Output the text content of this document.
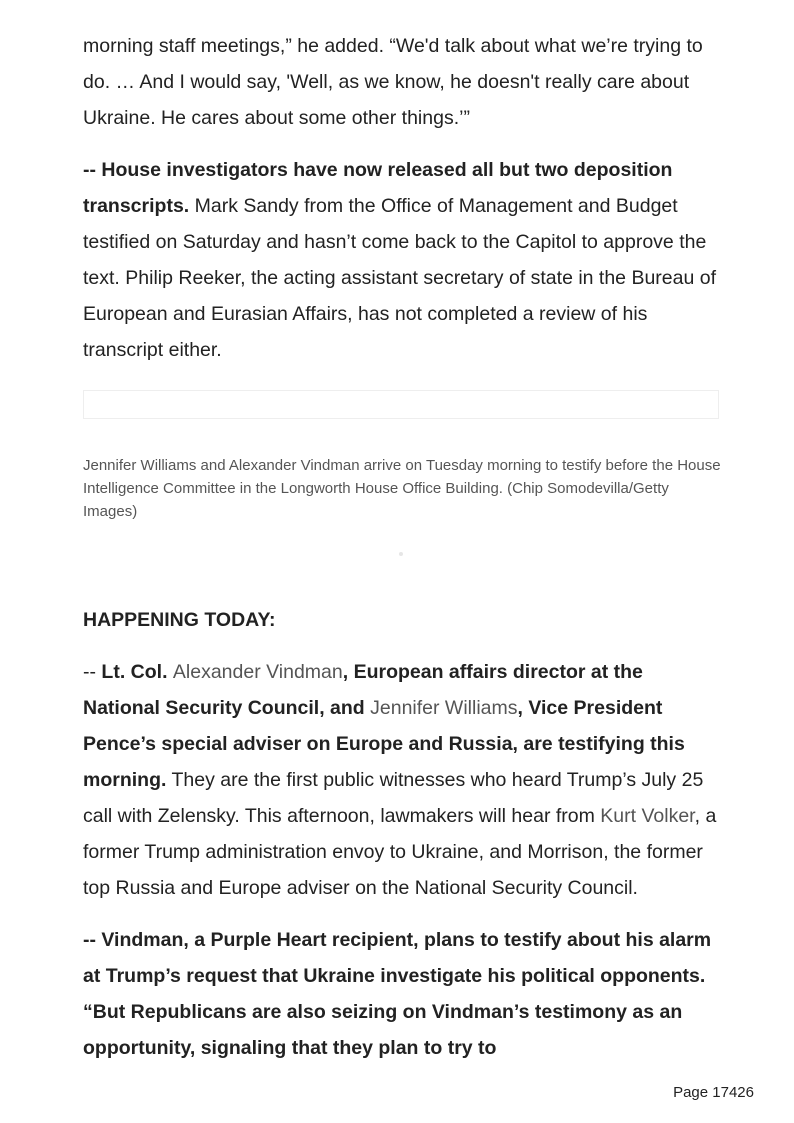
morning staff meetings,” he added. “We'd talk about what we’re trying to do. … And I would say, 'Well, as we know, he doesn't really care about Ukraine. He cares about some other things.’”

-- House investigators have now released all but two deposition transcripts. Mark Sandy from the Office of Management and Budget testified on Saturday and hasn’t come back to the Capitol to approve the text. Philip Reeker, the acting assistant secretary of state in the Bureau of European and Eurasian Affairs, has not completed a review of his transcript either.

Jennifer Williams and Alexander Vindman arrive on Tuesday morning to testify before the House Intelligence Committee in the Longworth House Office Building. (Chip Somodevilla/Getty Images)

HAPPENING TODAY:

-- Lt. Col. Alexander Vindman, European affairs director at the National Security Council, and Jennifer Williams, Vice President Pence’s special adviser on Europe and Russia, are testifying this morning. They are the first public witnesses who heard Trump’s July 25 call with Zelensky. This afternoon, lawmakers will hear from Kurt Volker, a former Trump administration envoy to Ukraine, and Morrison, the former top Russia and Europe adviser on the National Security Council.

-- Vindman, a Purple Heart recipient, plans to testify about his alarm at Trump’s request that Ukraine investigate his political opponents. “But Republicans are also seizing on Vindman’s testimony as an opportunity, signaling that they plan to try to

Page 17426
